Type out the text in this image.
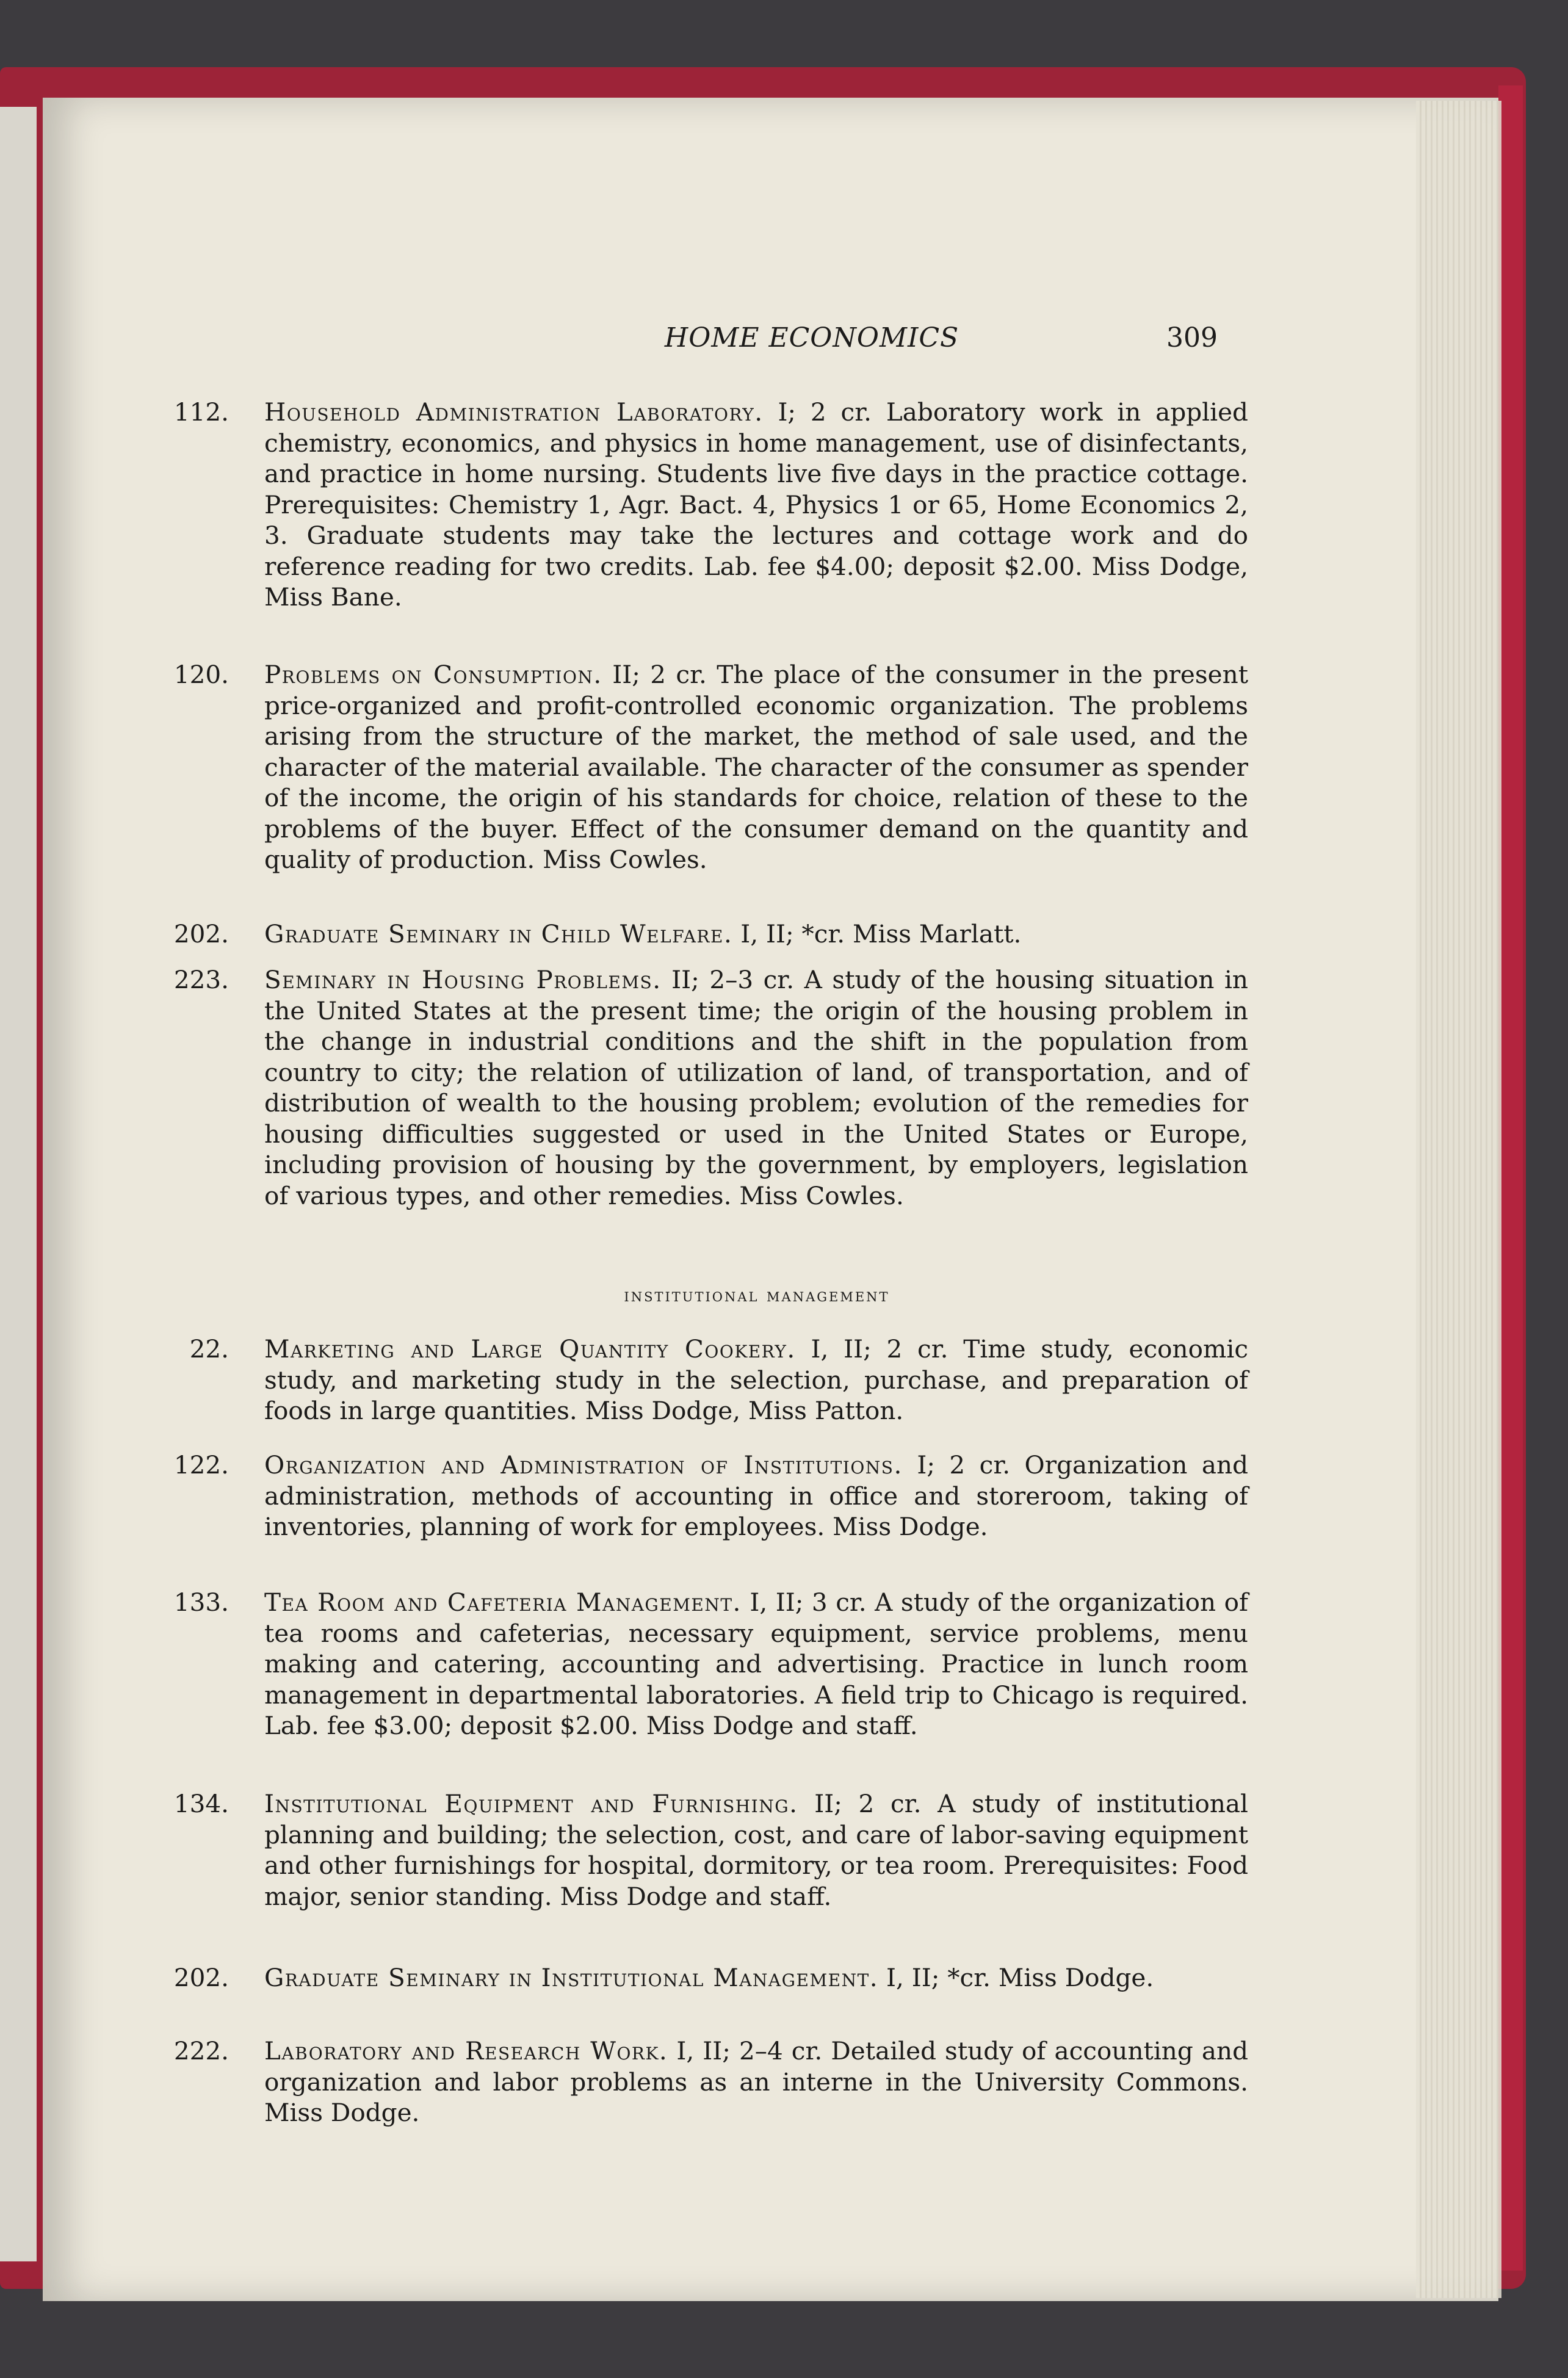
HOME ECONOMICS	309
112. Household Administration Laboratory. I; 2 cr. Laboratory work in applied chemistry, economics, and physics in home management, use of disinfectants, and practice in home nursing. Students live five days in the practice cottage. Prerequisites: Chemistry 1, Agr. Bact. 4, Physics 1 or 65, Home Economics 2, 3. Graduate students may take the lectures and cottage work and do reference reading for two credits. Lab. fee $4.00; deposit $2.00. Miss Dodge, Miss Bane.
120. Problems on Consumption. II; 2 cr. The place of the consumer in the present price-organized and profit-controlled economic organization. The problems arising from the structure of the market, the method of sale used, and the character of the material available. The character of the consumer as spender of the income, the origin of his standards for choice, relation of these to the problems of the buyer. Effect of the consumer demand on the quantity and quality of production. Miss Cowles.
202. Graduate Seminary in Child Welfare. I, II; *cr. Miss Marlatt.
223. Seminary in Housing Problems. II; 2–3 cr. A study of the housing situation in the United States at the present time; the origin of the housing problem in the change in industrial conditions and the shift in the population from country to city; the relation of utilization of land, of transportation, and of distribution of wealth to the housing problem; evolution of the remedies for housing difficulties suggested or used in the United States or Europe, including provision of housing by the government, by employers, legislation of various types, and other remedies. Miss Cowles.
institutional management
22. Marketing and Large Quantity Cookery. I, II; 2 cr. Time study, economic study, and marketing study in the selection, purchase, and preparation of foods in large quantities. Miss Dodge, Miss Patton.
122. Organization and Administration of Institutions. I; 2 cr. Organization and administration, methods of accounting in office and storeroom, taking of inventories, planning of work for employees. Miss Dodge.
133. Tea Room and Cafeteria Management. I, II; 3 cr. A study of the organization of tea rooms and cafeterias, necessary equipment, service problems, menu making and catering, accounting and advertising. Practice in lunch room management in departmental laboratories. A field trip to Chicago is required. Lab. fee $3.00; deposit $2.00. Miss Dodge and staff.
134. Institutional Equipment and Furnishing. II; 2 cr. A study of institutional planning and building; the selection, cost, and care of labor-saving equipment and other furnishings for hospital, dormitory, or tea room. Prerequisites: Food major, senior standing. Miss Dodge and staff.
202. Graduate Seminary in Institutional Management. I, II; *cr. Miss Dodge.
222. Laboratory and Research Work. I, II; 2–4 cr. Detailed study of accounting and organization and labor problems as an interne in the University Commons. Miss Dodge.
